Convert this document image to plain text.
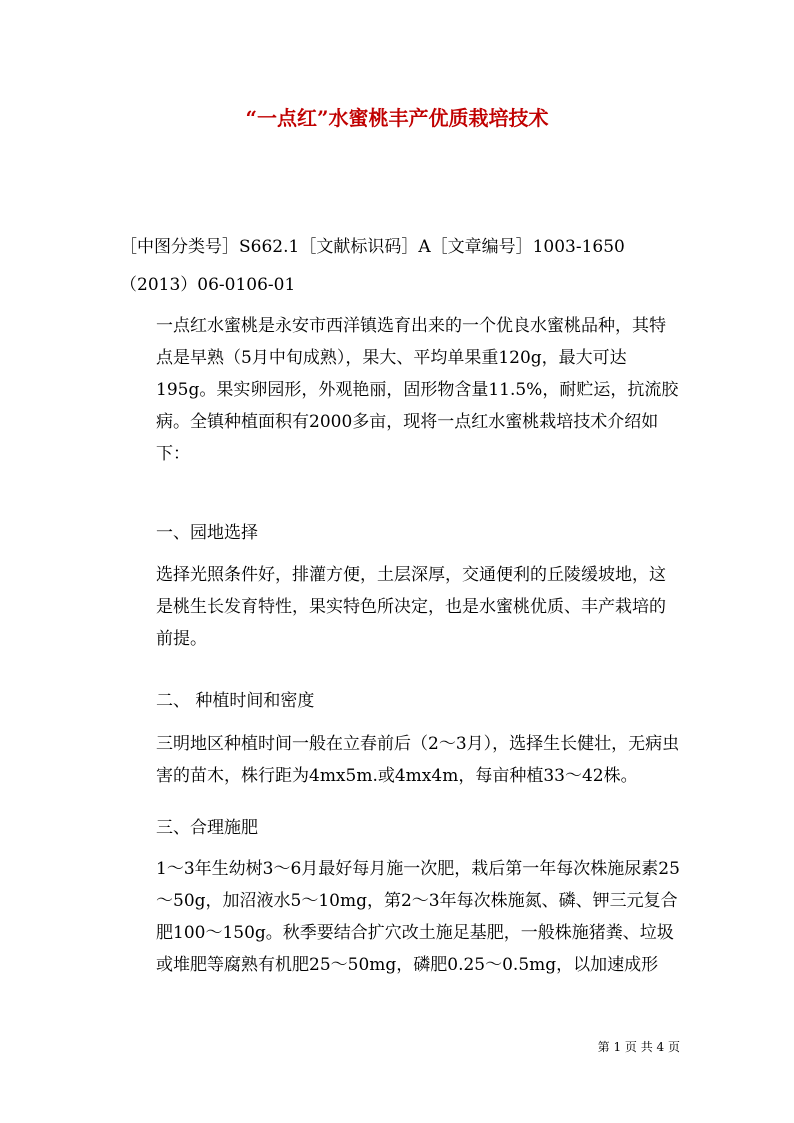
“一点红”水蜜桃丰产优质栽培技术

［中图分类号］S662.1［文献标识码］A［文章编号］1003-1650

（2013）06-0106-01

一点红水蜜桃是永安市西洋镇选育出来的一个优良水蜜桃品种，其特点是早熟（5月中旬成熟），果大、平均单果重120g，最大可达195g。果实卵园形，外观艳丽，固形物含量11.5%，耐贮运，抗流胶病。全镇种植面积有2000多亩，现将一点红水蜜桃栽培技术介绍如下：

一、园地选择

选择光照条件好，排灌方便，土层深厚，交通便利的丘陵缓坡地，这是桃生长发育特性，果实特色所决定，也是水蜜桃优质、丰产栽培的前提。

二、 种植时间和密度

三明地区种植时间一般在立春前后（2～3月），选择生长健壮，无病虫害的苗木，株行距为4mx5m.或4mx4m，每亩种植33～42株。

三、合理施肥

1～3年生幼树3～6月最好每月施一次肥，栽后第一年每次株施尿素25～50g，加沼液水5～10mg，第2～3年每次株施氮、磷、钾三元复合肥100～150g。秋季要结合扩穴改土施足基肥，一般株施猪粪、垃圾或堆肥等腐熟有机肥25～50mg，磷肥0.25～0.5mg，以加速成形

第 1 页 共 4 页
